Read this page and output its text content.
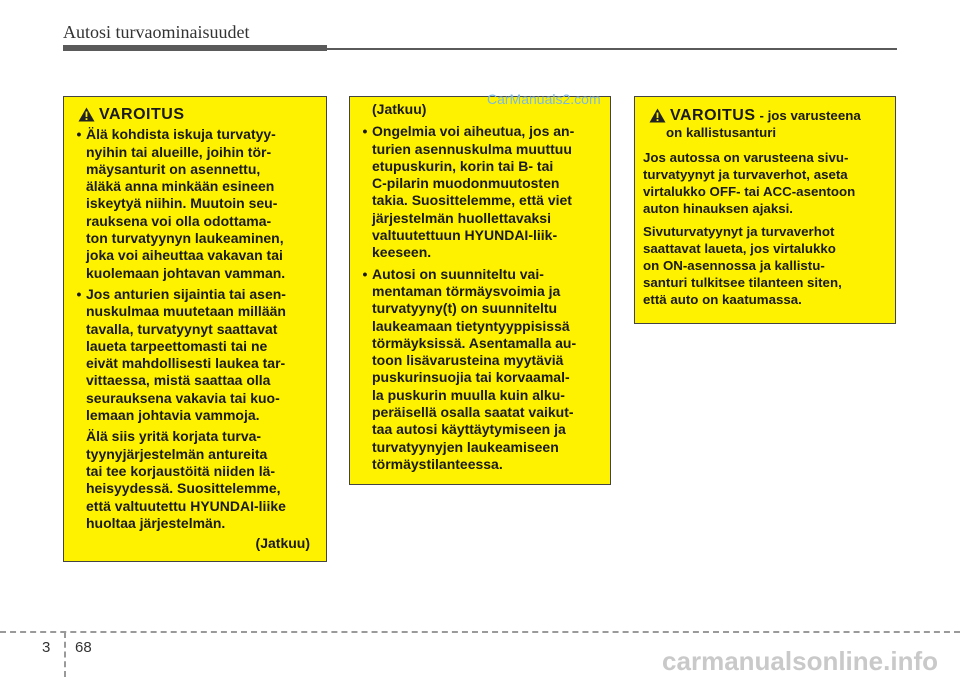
Autosi turvaominaisuudet
VAROITUS
• Älä kohdista iskuja turvatyy-
nyihin tai alueille, joihin tör-
mäysanturit on asennettu,
äläkä anna minkään esineen
iskeytyä niihin. Muutoin seu-
rauksena voi olla odottama-
ton turvatyynyn laukeaminen,
joka voi aiheuttaa vakavan tai
kuolemaan johtavan vamman.
• Jos anturien sijaintia tai asen-
nuskulmaa muutetaan millään
tavalla, turvatyynyt saattavat
laueta tarpeettomasti tai ne
eivät mahdollisesti laukea tar-
vittaessa, mistä saattaa olla
seurauksena vakavia tai kuo-
lemaan johtavia vammoja.
Älä siis yritä korjata turva-
tyynyjärjestelmän antureita
tai tee korjaustöitä niiden lä-
heisyydessä. Suosittelemme,
että valtuutettu HYUNDAI-liike
huoltaa järjestelmän.
(Jatkuu)
(Jatkuu)
• Ongelmia voi aiheutua, jos an-
turien asennuskulma muuttuu
etupuskurin, korin tai B- tai
C-pilarin muodonmuutosten
takia. Suosittelemme, että viet
järjestelmän huollettavaksi
valtuutettuun HYUNDAI-liik-
keeseen.
• Autosi on suunniteltu vai-
mentaman törmäysvoimia ja
turvatyyny(t) on suunniteltu
laukeamaan tietyntyyppisissä
törmäyksissä. Asentamalla au-
toon lisävarusteina myytäviä
puskurinsuojia tai korvaamal-
la puskurin muulla kuin alku-
peräisellä osalla saatat vaikut-
taa autosi käyttäytymiseen ja
turvatyynyjen laukeamiseen
törmäystilanteessa.
CarManuals2.com
VAROITUS - jos varusteena
on kallistusanturi
Jos autossa on varusteena sivu-
turvatyynyt ja turvaverhot, aseta
virtalukko OFF- tai ACC-asentoon
auton hinauksen ajaksi.
Sivuturvatyynyt ja turvaverhot
saattavat laueta, jos virtalukko
on ON-asennossa ja kallistu-
santuri tulkitsee tilanteen siten,
että auto on kaatumassa.
3 68	carmanualsonline.info
